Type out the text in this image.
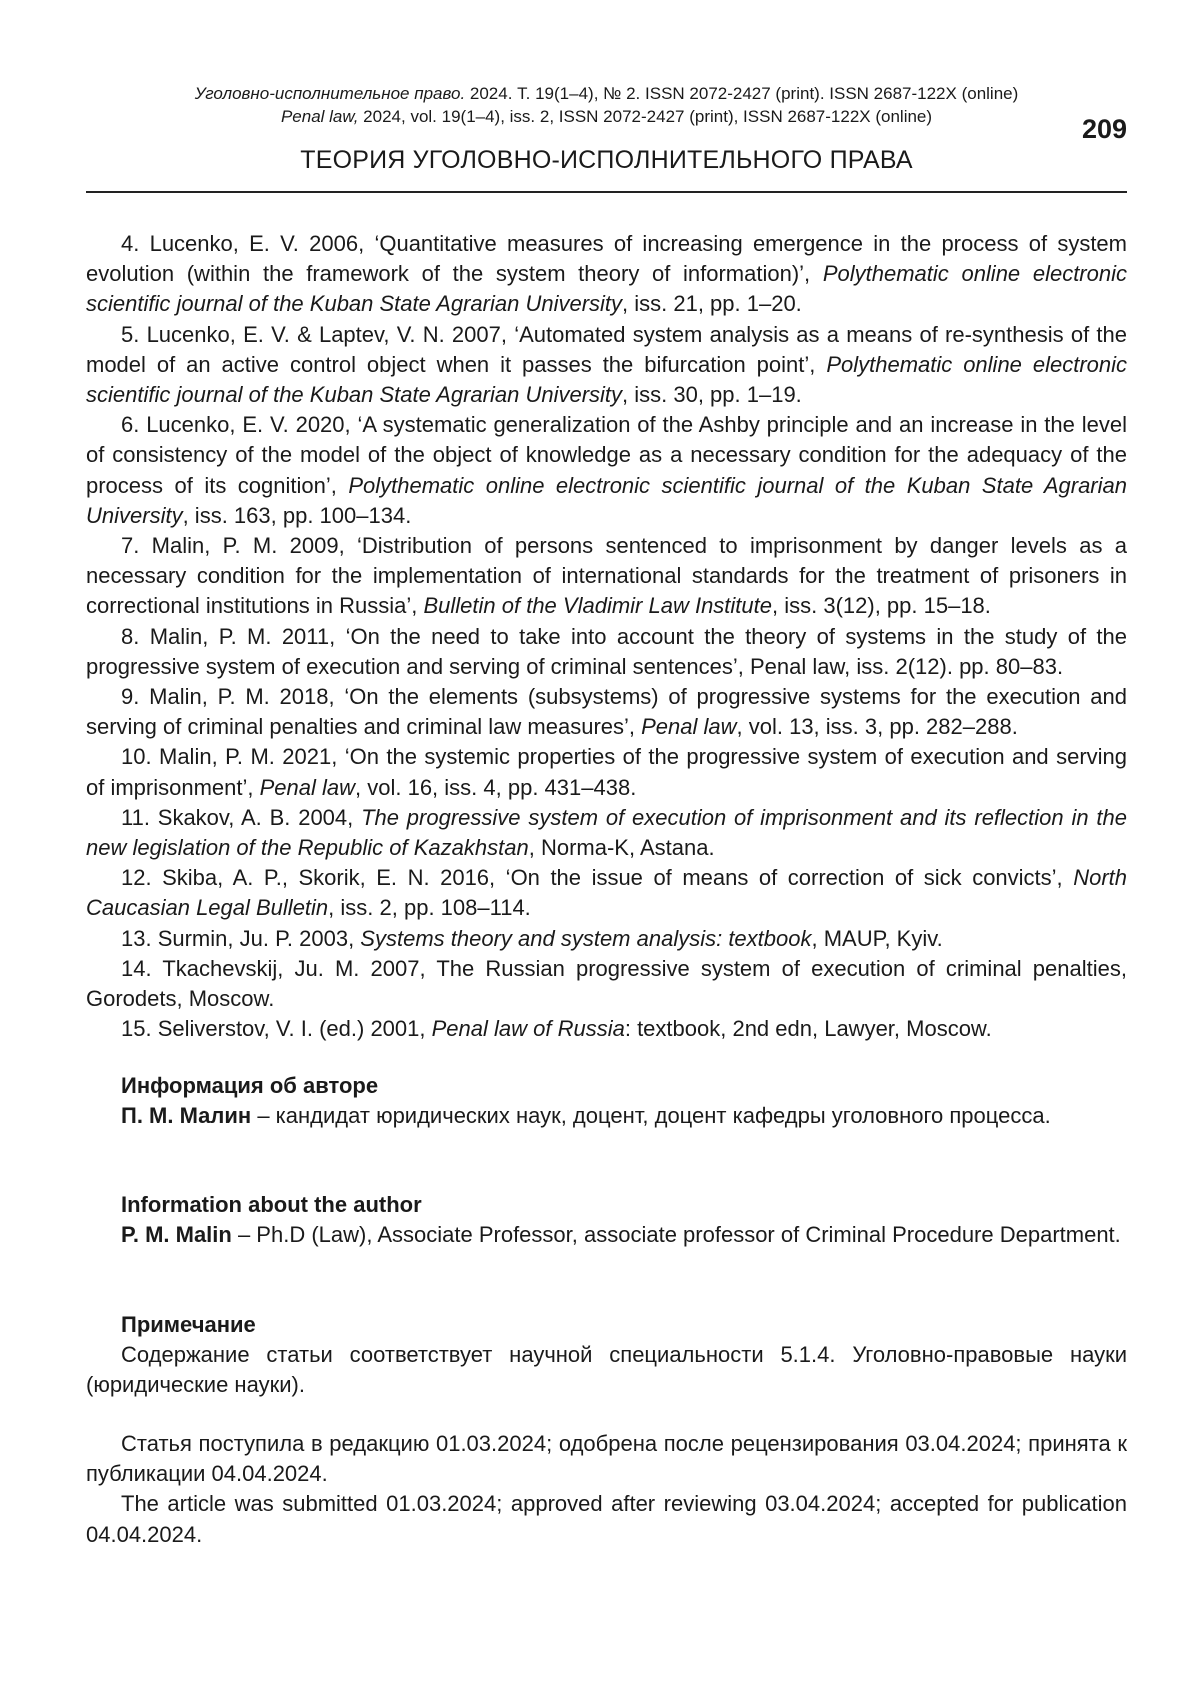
Уголовно-исполнительное право. 2024. Т. 19(1–4), № 2. ISSN 2072-2427 (print). ISSN 2687-122X (online)
Penal law, 2024, vol. 19(1–4), iss. 2, ISSN 2072-2427 (print), ISSN 2687-122X (online)	209
ТЕОРИЯ УГОЛОВНО-ИСПОЛНИТЕЛЬНОГО ПРАВА

4. Lucenko, E. V. 2006, ‘Quantitative measures of increasing emergence in the process of system evolution (within the framework of the system theory of information)’, Polythematic online electronic scientific journal of the Kuban State Agrarian University, iss. 21, pp. 1–20.

5. Lucenko, E. V. & Laptev, V. N. 2007, ‘Automated system analysis as a means of re-synthesis of the model of an active control object when it passes the bifurcation point’, Polythematic online electronic scientific journal of the Kuban State Agrarian University, iss. 30, pp. 1–19.

6. Lucenko, E. V. 2020, ‘A systematic generalization of the Ashby principle and an increase in the level of consistency of the model of the object of knowledge as a necessary condition for the adequacy of the process of its cognition’, Polythematic online electronic scientific journal of the Kuban State Agrarian University, iss. 163, pp. 100–134.

7. Malin, P. M. 2009, ‘Distribution of persons sentenced to imprisonment by danger levels as a necessary condition for the implementation of international standards for the treatment of prisoners in correctional institutions in Russia’, Bulletin of the Vladimir Law Institute, iss. 3(12), pp. 15–18.

8. Malin, P. M. 2011, ‘On the need to take into account the theory of systems in the study of the progressive system of execution and serving of criminal sentences’, Penal law, iss. 2(12). pp. 80–83.

9. Malin, P. M. 2018, ‘On the elements (subsystems) of progressive systems for the execution and serving of criminal penalties and criminal law measures’, Penal law, vol. 13, iss. 3, pp. 282–288.

10. Malin, P. M. 2021, ‘On the systemic properties of the progressive system of execution and serving of imprisonment’, Penal law, vol. 16, iss. 4, pp. 431–438.

11. Skakov, A. B. 2004, The progressive system of execution of imprisonment and its reflection in the new legislation of the Republic of Kazakhstan, Norma-K, Astana.

12. Skiba, A. P., Skorik, E. N. 2016, ‘On the issue of means of correction of sick convicts’, North Caucasian Legal Bulletin, iss. 2, pp. 108–114.

13. Surmin, Ju. P. 2003, Systems theory and system analysis: textbook, MAUP, Kyiv.

14. Tkachevskij, Ju. M. 2007, The Russian progressive system of execution of criminal penalties, Gorodets, Moscow.

15. Seliverstov, V. I. (ed.) 2001, Penal law of Russia: textbook, 2nd edn, Lawyer, Moscow.

Информация об авторе

П. М. Малин – кандидат юридических наук, доцент, доцент кафедры уголовного процесса.

Information about the author

P. M. Malin – Ph.D (Law), Associate Professor, associate professor of Criminal Procedure Department.

Примечание

Содержание статьи соответствует научной специальности 5.1.4. Уголовно-правовые науки (юридические науки).

Статья поступила в редакцию 01.03.2024; одобрена после рецензирования 03.04.2024; принята к публикации 04.04.2024.

The article was submitted 01.03.2024; approved after reviewing 03.04.2024; accepted for publication 04.04.2024.
